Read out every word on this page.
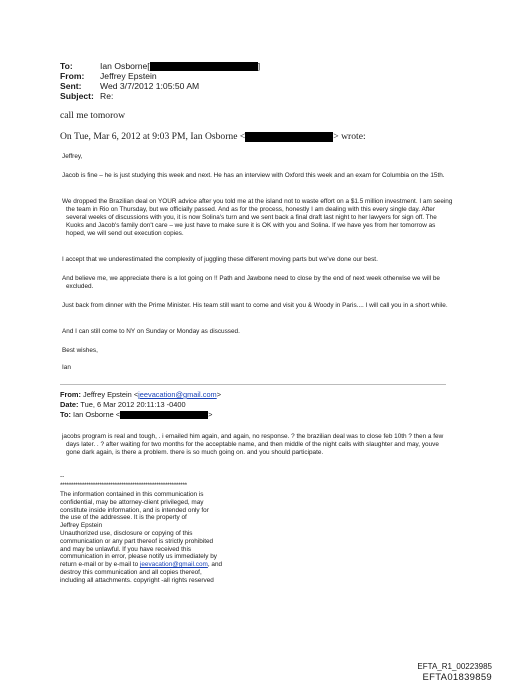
To:	Ian Osborne[	]
From: Jeffrey Epstein
Sent: Wed 3/7/2012 1:05:50 AM
Subject: Re:
call me tomorow
On Tue, Mar 6, 2012 at 9:03 PM, Ian Osborne <	> wrote:
Jeffrey,
Jacob is fine – he is just studying this week and next. He has an interview with Oxford this week and an exam for Columbia on the 15th.
We dropped the Brazilian deal on YOUR advice after you told me at the island not to waste effort on a $1.5 million investment. I am seeing the team in Rio on Thursday, but we officially passed. And as for the process, honestly I am dealing with this every single day. After several weeks of discussions with you, it is now Solina's turn and we sent back a final draft last night to her lawyers for sign off. The Kuoks and Jacob's family don't care – we just have to make sure it is OK with you and Solina. If we have yes from her tomorrow as hoped, we will send out execution copies.
I accept that we underestimated the complexity of juggling these different moving parts but we've done our best.
And believe me, we appreciate there is a lot going on !! Path and Jawbone need to close by the end of next week otherwise we will be excluded.
Just back from dinner with the Prime Minister. His team still want to come and visit you & Woody in Paris.... I will call you in a short while.
And I can still come to NY on Sunday or Monday as discussed.
Best wishes,
Ian
From: Jeffrey Epstein <jeevacation@gmail.com>
Date: Tue, 6 Mar 2012 20:11:13 -0400
To: Ian Osborne <	>
jacobs program is real and tough, . i emailed him again, and again, no response. ? the brazilian deal was to close feb 10th ? then a few days later. . ? after waiting for two months for the acceptable name, and then middle of the night calls with slaughter and may, youve gone dark again, is there a problem. there is so much going on. and you should participate.
--
**********************************************************
The information contained in this communication is
confidential, may be attorney-client privileged, may
constitute inside information, and is intended only for
the use of the addressee. It is the property of
Jeffrey Epstein
Unauthorized use, disclosure or copying of this
communication or any part thereof is strictly prohibited
and may be unlawful. If you have received this
communication in error, please notify us immediately by
return e-mail or by e-mail to jeevacation@gmail.com, and
destroy this communication and all copies thereof,
including all attachments. copyright -all rights reserved
EFTA_R1_00223985
EFTA01839859
